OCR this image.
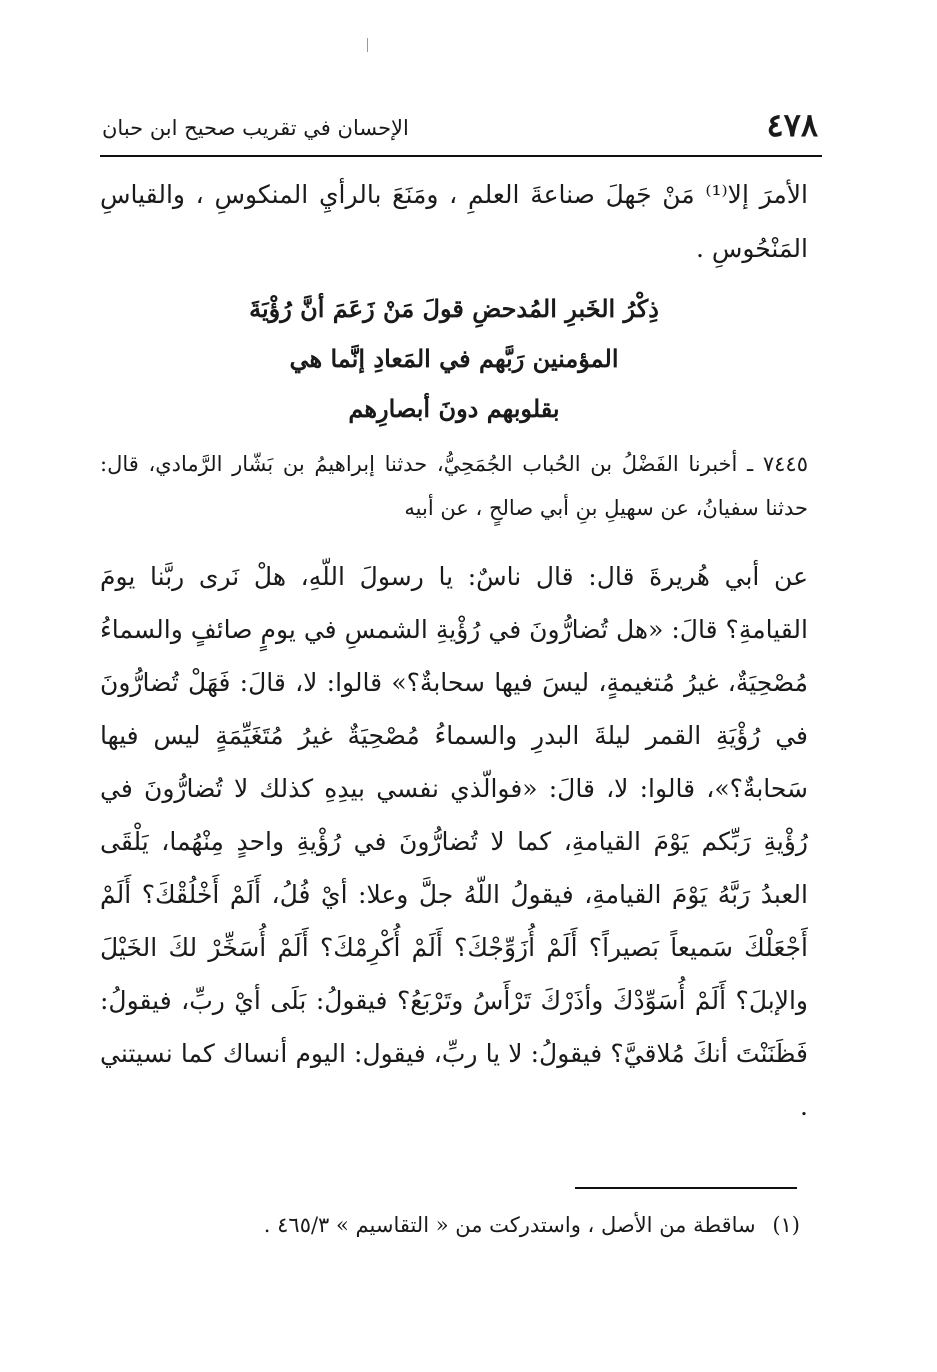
الإحسان في تقريب صحيح ابن حبان	٤٧٨

الأمرَ إلا⁽¹⁾ مَنْ جَهلَ صناعةَ العلمِ ، ومَنَعَ بالرأيِ المنكوسِ ، والقياسِ المَنْحُوسِ .

ذِكْرُ الخَبرِ المُدحضِ قولَ مَنْ زَعَمَ أنَّ رُؤْيَةَ
المؤمنين رَبَّهم في المَعادِ إنَّما هي
بقلوبهم دونَ أبصارِهم

٧٤٤٥ ـ أخبرنا الفَضْلُ بن الحُباب الجُمَحِيُّ، حدثنا إبراهيمُ بن بَشّار الرَّمادي، قال: حدثنا سفيانُ، عن سهيلِ بنِ أبي صالحٍ ، عن أبيه

عن أبي هُريرةَ قال: قال ناسٌ: يا رسولَ اللّهِ، هلْ نَرى ربَّنا يومَ القيامةِ؟ قالَ: «هل تُضارُّونَ في رُؤْيةِ الشمسِ في يومٍ صائفٍ والسماءُ مُصْحِيَةٌ، غيرُ مُتغيمةٍ، ليسَ فيها سحابةٌ؟» قالوا: لا، قالَ: فَهَلْ تُضارُّونَ في رُؤْيَةِ القمر ليلةَ البدرِ والسماءُ مُصْحِيَةٌ غيرُ مُتَغَيِّمَةٍ ليس فيها سَحابةٌ؟»، قالوا: لا، قالَ: «فوالّذي نفسي بيدِهِ كذلك لا تُضارُّونَ في رُؤْيةِ رَبِّكم يَوْمَ القيامةِ، كما لا تُضارُّونَ في رُؤْيةِ واحدٍ مِنْهُما، يَلْقَى العبدُ رَبَّهُ يَوْمَ القيامةِ، فيقولُ اللّهُ جلَّ وعلا: أيْ فُلُ، أَلَمْ أَخْلُقْكَ؟ أَلَمْ أَجْعَلْكَ سَميعاً بَصيراً؟ أَلَمْ أُزَوِّجْكَ؟ أَلَمْ أُكْرِمْكَ؟ أَلَمْ أُسَخِّرْ لكَ الخَيْلَ والإبلَ؟ أَلَمْ أُسَوِّدْكَ وأذَرْكَ تَرْأَسُ وتَرْبَعُ؟ فيقولُ: بَلَى أيْ ربِّ، فيقولُ: فَظَنَنْتَ أنكَ مُلاقيَّ؟ فيقولُ: لا يا ربِّ، فيقول: اليوم أنساك كما نسيتني .

(١) ساقطة من الأصل ، واستدركت من « التقاسيم » ٤٦٥/٣ .
